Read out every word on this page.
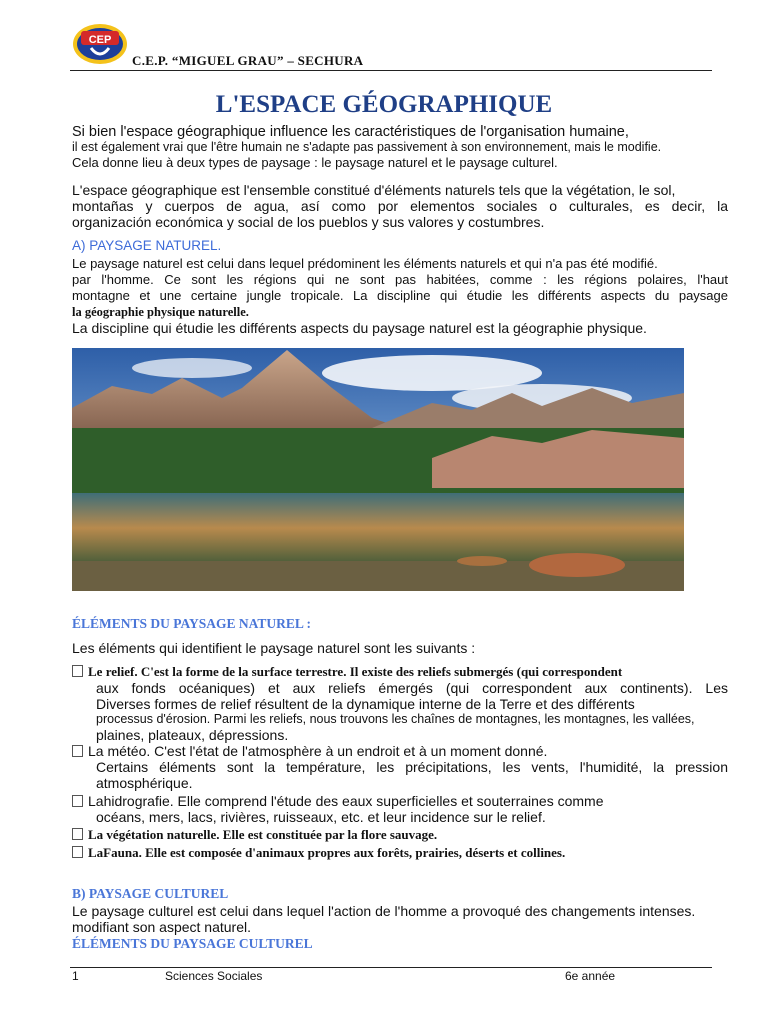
CEP
C.E.P. “MIGUEL GRAU” – SECHURA
L'ESPACE GÉOGRAPHIQUE
Si bien l'espace géographique influence les caractéristiques de l'organisation humaine,
il est également vrai que l'être humain ne s'adapte pas passivement à son environnement, mais le modifie.
Cela donne lieu à deux types de paysage : le paysage naturel et le paysage culturel.
L'espace géographique est l'ensemble constitué d'éléments naturels tels que la végétation, le sol,
montañas y cuerpos de agua, así como por elementos sociales o culturales, es decir, la
organización económica y social de los pueblos y sus valores y costumbres.
A) PAYSAGE NATUREL.
Le paysage naturel est celui dans lequel prédominent les éléments naturels et qui n'a pas été modifié.
par l'homme. Ce sont les régions qui ne sont pas habitées, comme : les régions polaires, l'haut
montagne et une certaine jungle tropicale. La discipline qui étudie les différents aspects du paysage
la géographie physique naturelle.
La discipline qui étudie les différents aspects du paysage naturel est la géographie physique.
ÉLÉMENTS DU PAYSAGE NATUREL :
Les éléments qui identifient le paysage naturel sont les suivants :
Le relief. C'est la forme de la surface terrestre. Il existe des reliefs submergés (qui correspondent
aux fonds océaniques) et aux reliefs émergés (qui correspondent aux continents). Les
Diverses formes de relief résultent de la dynamique interne de la Terre et des différents
processus d'érosion. Parmi les reliefs, nous trouvons les chaînes de montagnes, les montagnes, les vallées,
plaines, plateaux, dépressions.
La météo. C'est l'état de l'atmosphère à un endroit et à un moment donné.
Certains éléments sont la température, les précipitations, les vents, l'humidité, la pression
atmosphérique.
Lahidrografie. Elle comprend l'étude des eaux superficielles et souterraines comme
océans, mers, lacs, rivières, ruisseaux, etc. et leur incidence sur le relief.
La végétation naturelle. Elle est constituée par la flore sauvage.
LaFauna. Elle est composée d'animaux propres aux forêts, prairies, déserts et collines.
B) PAYSAGE CULTUREL
Le paysage culturel est celui dans lequel l'action de l'homme a provoqué des changements intenses.
modifiant son aspect naturel.
ÉLÉMENTS DU PAYSAGE CULTUREL
1	Sciences Sociales	6e année
